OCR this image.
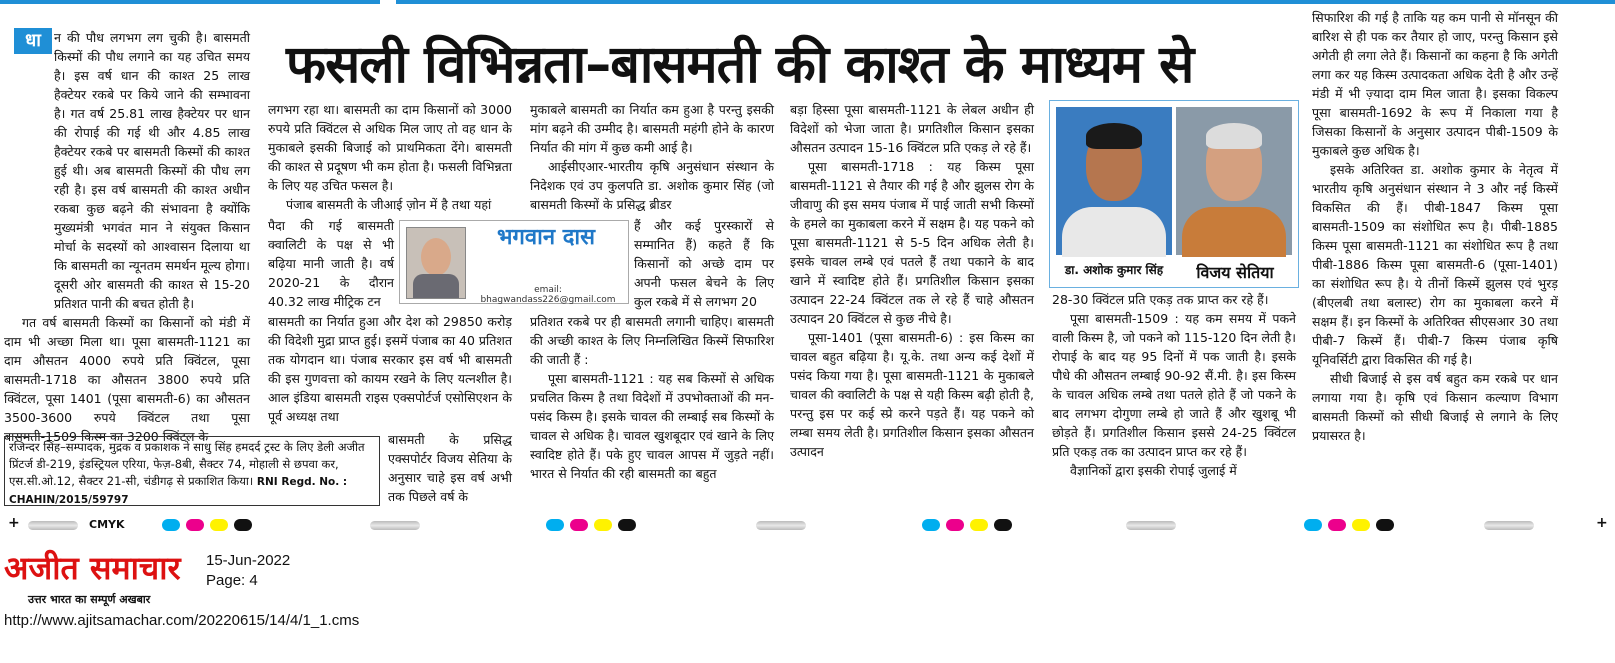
धा	फसली विभिन्नता–बासमती की काश्त के माध्यम से

न की पौध लगभग लग चुकी है। बासमती किस्मों की पौध लगाने का यह उचित समय है। इस वर्ष धान की काश्त 25 लाख हैक्टेयर रकबे पर किये जाने की सम्भावना है। गत वर्ष 25.81 लाख हैक्टेयर पर धान की रोपाई की गई थी और 4.85 लाख हैक्टेयर रकबे पर बासमती किस्मों की काश्त हुई थी। अब बासमती किस्मों की पौध लग रही है। इस वर्ष बासमती की काश्त अधीन रकबा कुछ बढ़ने की संभावना है क्योंकि मुख्यमंत्री भगवंत मान ने संयुक्त किसान मोर्चा के सदस्यों को आश्वासन दिलाया था कि बासमती का न्यूनतम समर्थन मूल्य होगा। दूसरी ओर बासमती की काश्त से 15-20 प्रतिशत पानी की बचत होती है।

गत वर्ष बासमती किस्मों का किसानों को मंडी में दाम भी अच्छा मिला था। पूसा बासमती-1121 का दाम औसतन 4000 रुपये प्रति क्विंटल, पूसा बासमती-1718 का औसतन 3800 रुपये प्रति क्विंटल, पूसा 1401 (पूसा बासमती-6) का औसतन 3500-3600 रुपये क्विंटल तथा पूसा बासमती-1509 किस्म का 3200 क्विंटल के

लगभग रहा था। बासमती का दाम किसानों को 3000 रुपये प्रति क्विंटल से अधिक मिल जाए तो वह धान के मुकाबले इसकी बिजाई को प्राथमिकता देंगे। बासमती की काश्त से प्रदूषण भी कम होता है। फसली विभिन्नता के लिए यह उचित फसल है।

पंजाब बासमती के जीआई ज़ोन में है तथा यहां

पैदा की गई बासमती क्वालिटी के पक्ष से भी बढ़िया मानी जाती है। वर्ष 2020-21 के दौरान 40.32 लाख मीट्रिक टन

बासमती का निर्यात हुआ और देश को 29850 करोड़ की विदेशी मुद्रा प्राप्त हुई। इसमें पंजाब का 40 प्रतिशत तक योगदान था। पंजाब सरकार इस वर्ष भी बासमती की इस गुणवत्ता को कायम रखने के लिए यत्नशील है। आल इंडिया बासमती राइस एक्सपोर्टर्ज एसोसिएशन के पूर्व अध्यक्ष तथा

बासमती के प्रसिद्ध एक्सपोर्टर विजय सेतिया के अनुसार चाहे इस वर्ष अभी तक पिछले वर्ष के

भगवान दास
email: bhagwandass226@gmail.com

मुकाबले बासमती का निर्यात कम हुआ है परन्तु इसकी मांग बढ़ने की उम्मीद है। बासमती महंगी होने के कारण निर्यात की मांग में कुछ कमी आई है।

आईसीएआर-भारतीय कृषि अनुसंधान संस्थान के निदेशक एवं उप कुलपति डा. अशोक कुमार सिंह (जो बासमती किस्मों के प्रसिद्ध ब्रीडर

हैं और कई पुरस्कारों से सम्मानित हैं) कहते हैं कि किसानों को अच्छे दाम पर अपनी फसल बेचने के लिए कुल रकबे में से लगभग 20

प्रतिशत रकबे पर ही बासमती लगानी चाहिए। बासमती की अच्छी काश्त के लिए निम्नलिखित किस्में सिफारिश की जाती हैं :

पूसा बासमती-1121 : यह सब किस्मों से अधिक प्रचलित किस्म है तथा विदेशों में उपभोक्ताओं की मन-पसंद किस्म है। इसके चावल की लम्बाई सब किस्मों के चावल से अधिक है। चावल खुशबूदार एवं खाने के लिए स्वादिष्ट होते हैं। पके हुए चावल आपस में जुड़ते नहीं। भारत से निर्यात की रही बासमती का बहुत

बड़ा हिस्सा पूसा बासमती-1121 के लेबल अधीन ही विदेशों को भेजा जाता है। प्रगतिशील किसान इसका औसतन उत्पादन 15-16 क्विंटल प्रति एकड़ ले रहे हैं।

पूसा बासमती-1718 : यह किस्म पूसा बासमती-1121 से तैयार की गई है और झुलस रोग के जीवाणु की इस समय पंजाब में पाई जाती सभी किस्मों के हमले का मुकाबला करने में सक्षम है। यह पकने को पूसा बासमती-1121 से 5-5 दिन अधिक लेती है। इसके चावल लम्बे एवं पतले हैं तथा पकाने के बाद खाने में स्वादिष्ट होते हैं। प्रगतिशील किसान इसका उत्पादन 22-24 क्विंटल तक ले रहे हैं चाहे औसतन उत्पादन 20 क्विंटल से कुछ नीचे है।

पूसा-1401 (पूसा बासमती-6) : इस किस्म का चावल बहुत बढ़िया है। यू.के. तथा अन्य कई देशों में पसंद किया गया है। पूसा बासमती-1121 के मुकाबले चावल की क्वालिटी के पक्ष से यही किस्म बढ़ी होती है, परन्तु इस पर कई स्प्रे करने पड़ते हैं। यह पकने को लम्बा समय लेती है। प्रगतिशील किसान इसका औसतन उत्पादन

डा. अशोक कुमार सिंह	विजय सेतिया

28-30 क्विंटल प्रति एकड़ तक प्राप्त कर रहे हैं।

पूसा बासमती-1509 : यह कम समय में पकने वाली किस्म है, जो पकने को 115-120 दिन लेती है। रोपाई के बाद यह 95 दिनों में पक जाती है। इसके पौधे की औसतन लम्बाई 90-92 सैं.मी. है। इस किस्म के चावल अधिक लम्बे तथा पतले होते हैं जो पकने के बाद लगभग दोगुणा लम्बे हो जाते हैं और खुशबू भी छोड़ते हैं। प्रगतिशील किसान इससे 24-25 क्विंटल प्रति एकड़ तक का उत्पादन प्राप्त कर रहे हैं।

वैज्ञानिकों द्वारा इसकी रोपाई जुलाई में

सिफारिश की गई है ताकि यह कम पानी से मॉनसून की बारिश से ही पक कर तैयार हो जाए, परन्तु किसान इसे अगेती ही लगा लेते हैं। किसानों का कहना है कि अगेती लगा कर यह किस्म उत्पादकता अधिक देती है और उन्हें मंडी में भी ज़्यादा दाम मिल जाता है। इसका विकल्प पूसा बासमती-1692 के रूप में निकाला गया है जिसका किसानों के अनुसार उत्पादन पीबी-1509 के मुकाबले कुछ अधिक है।

इसके अतिरिक्त डा. अशोक कुमार के नेतृत्व में भारतीय कृषि अनुसंधान संस्थान ने 3 और नई किस्में विकसित की हैं। पीबी-1847 किस्म पूसा बासमती-1509 का संशोधित रूप है। पीबी-1885 किस्म पूसा बासमती-1121 का संशोधित रूप है तथा पीबी-1886 किस्म पूसा बासमती-6 (पूसा-1401) का संशोधित रूप है। ये तीनों किस्में झुलस एवं भुरड़ (बीएलबी तथा बलास्ट) रोग का मुकाबला करने में सक्षम हैं। इन किस्मों के अतिरिक्त सीएसआर 30 तथा पीबी-7 किस्में हैं। पीबी-7 किस्म पंजाब कृषि यूनिवर्सिटी द्वारा विकसित की गई है।

सीधी बिजाई से इस वर्ष बहुत कम रकबे पर धान लगाया गया है। कृषि एवं किसान कल्याण विभाग बासमती किस्मों को सीधी बिजाई से लगाने के लिए प्रयासरत है।

रजिन्दर सिंह–सम्पादक, मुद्रक व प्रकाशक ने साधु सिंह हमदर्द ट्रस्ट के लिए डेली अजीत प्रिंटर्ज डी-219, इंडस्ट्रियल एरिया, फेज़-8बी, सैक्टर 74, मोहाली से छपवा कर, एस.सी.ओ.12, सैक्टर 21-सी, चंडीगढ़ से प्रकाशित किया। RNI Regd. No. : CHAHIN/2015/59797
+	CMYK	+
अजीत समाचार
उत्तर भारत का सम्पूर्ण अखबार
15-Jun-2022
Page: 4
http://www.ajitsamachar.com/20220615/14/4/1_1.cms
